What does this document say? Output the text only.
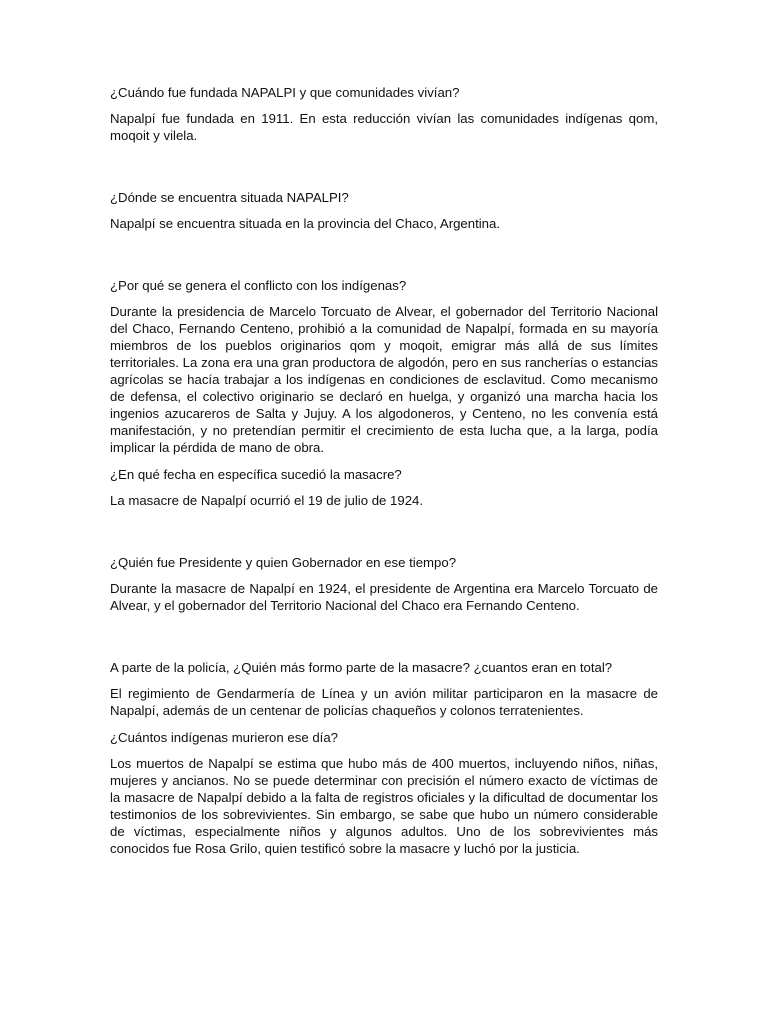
¿Cuándo fue fundada NAPALPI y que comunidades vivían?

Napalpí fue fundada en 1911. En esta reducción vivían las comunidades indígenas qom, moqoit y vilela.

¿Dónde se encuentra situada NAPALPI?

Napalpí se encuentra situada en la provincia del Chaco, Argentina.

¿Por qué se genera el conflicto con los indígenas?

Durante la presidencia de Marcelo Torcuato de Alvear, el gobernador del Territorio Nacional del Chaco, Fernando Centeno, prohibió a la comunidad de Napalpí, formada en su mayoría miembros de los pueblos originarios qom y moqoit, emigrar más allá de sus límites territoriales. La zona era una gran productora de algodón, pero en sus rancherías o estancias agrícolas se hacía trabajar a los indígenas en condiciones de esclavitud. Como mecanismo de defensa, el colectivo originario se declaró en huelga, y organizó una marcha hacia los ingenios azucareros de Salta y Jujuy. A los algodoneros, y Centeno, no les convenía está manifestación, y no pretendían permitir el crecimiento de esta lucha que, a la larga, podía implicar la pérdida de mano de obra.

¿En qué fecha en específica sucedió la masacre?

La masacre de Napalpí ocurrió el 19 de julio de 1924.

¿Quién fue Presidente y quien Gobernador en ese tiempo?

Durante la masacre de Napalpí en 1924, el presidente de Argentina era Marcelo Torcuato de Alvear, y el gobernador del Territorio Nacional del Chaco era Fernando Centeno.

A parte de la policía, ¿Quién más formo parte de la masacre? ¿cuantos eran en total?

El regimiento de Gendarmería de Línea y un avión militar participaron en la masacre de Napalpí, además de un centenar de policías chaqueños y colonos terratenientes.

¿Cuántos indígenas murieron ese día?

Los muertos de Napalpí se estima que hubo más de 400 muertos, incluyendo niños, niñas, mujeres y ancianos. No se puede determinar con precisión el número exacto de víctimas de la masacre de Napalpí debido a la falta de registros oficiales y la dificultad de documentar los testimonios de los sobrevivientes. Sin embargo, se sabe que hubo un número considerable de víctimas, especialmente niños y algunos adultos. Uno de los sobrevivientes más conocidos fue Rosa Grilo, quien testificó sobre la masacre y luchó por la justicia.
